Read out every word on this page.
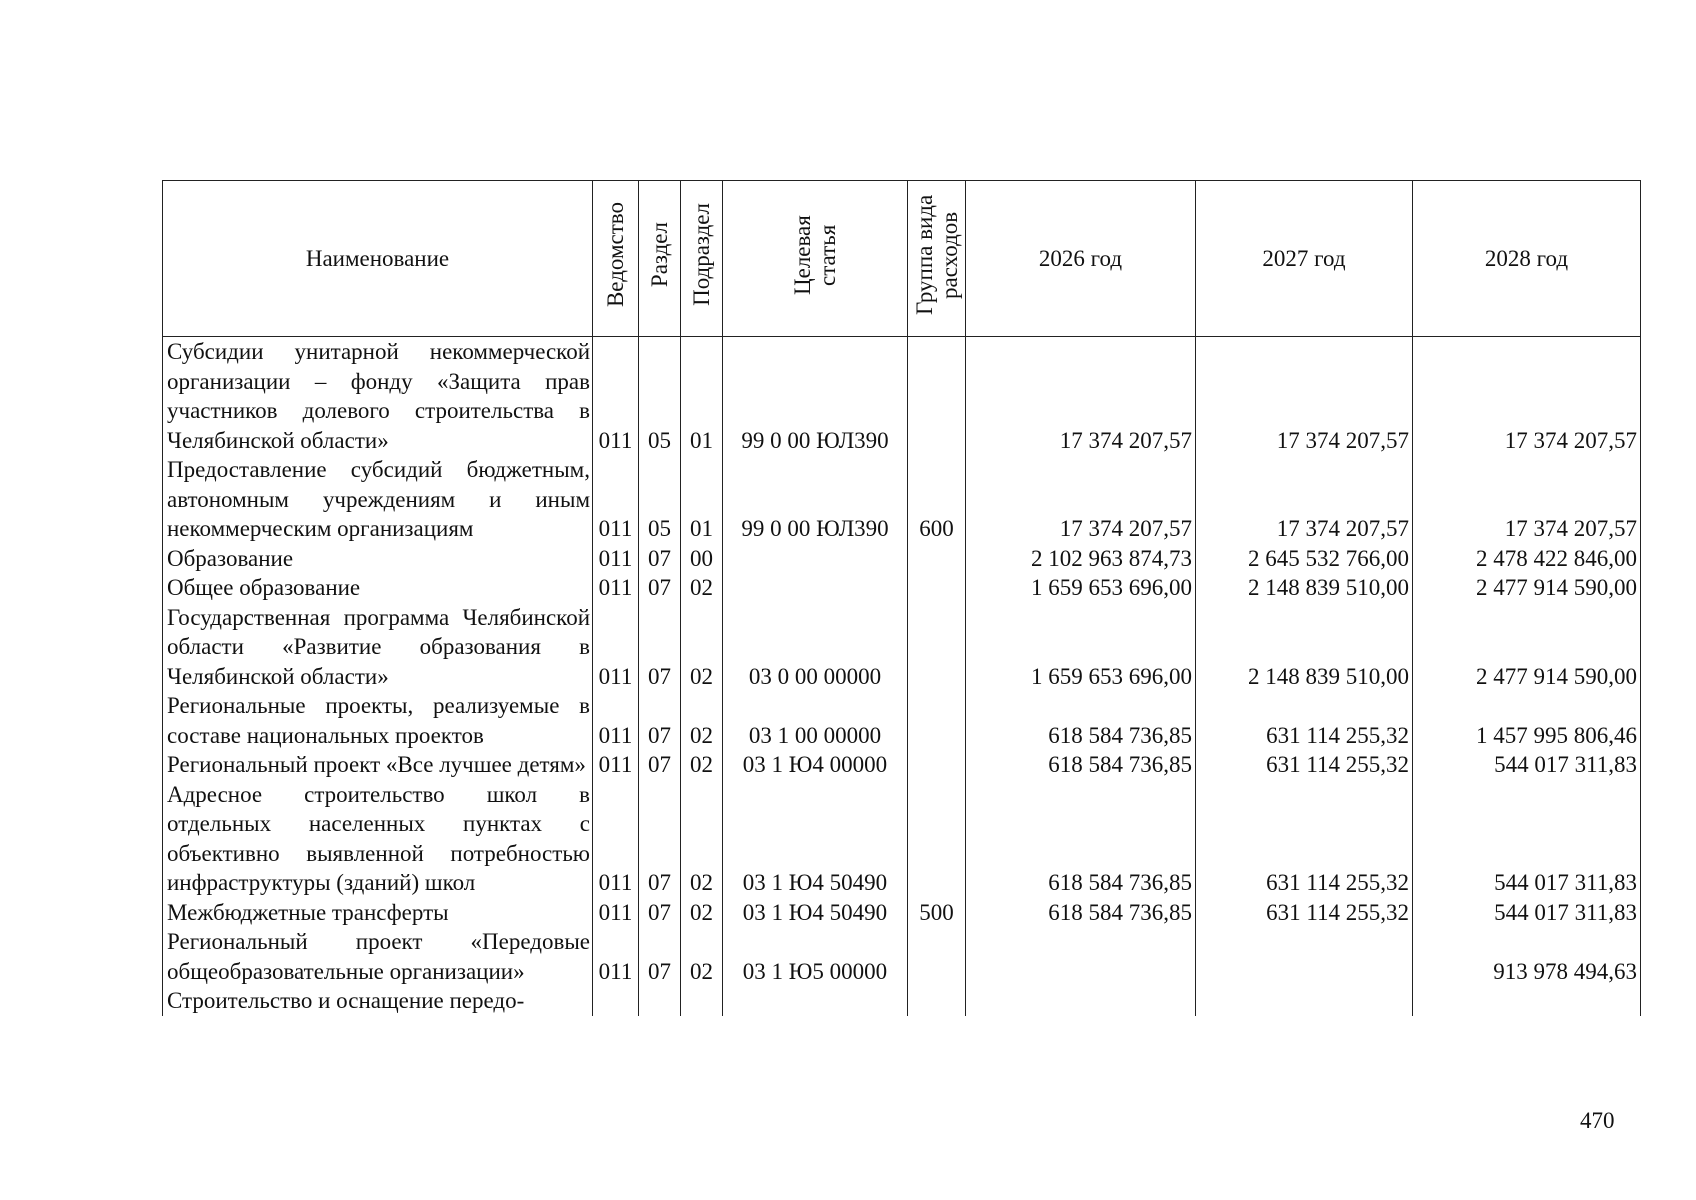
Наименование	Ведомство	Раздел	Подраздел	Целевая статья	Группа вида расходов	2026 год	2027 год	2028 год
Субсидии унитарной некоммерческой организации – фонду «Защита прав участников долевого строительства в Челябинской области»	011	05	01	99 0 00 ЮЛ390		17 374 207,57	17 374 207,57	17 374 207,57
Предоставление субсидий бюджетным, автономным учреждениям и иным некоммерческим организациям	011	05	01	99 0 00 ЮЛ390	600	17 374 207,57	17 374 207,57	17 374 207,57
Образование	011	07	00			2 102 963 874,73	2 645 532 766,00	2 478 422 846,00
Общее образование	011	07	02			1 659 653 696,00	2 148 839 510,00	2 477 914 590,00
Государственная программа Челябинской области «Развитие образования в Челябинской области»	011	07	02	03 0 00 00000		1 659 653 696,00	2 148 839 510,00	2 477 914 590,00
Региональные проекты, реализуемые в составе национальных проектов	011	07	02	03 1 00 00000		618 584 736,85	631 114 255,32	1 457 995 806,46
Региональный проект «Все лучшее детям»	011	07	02	03 1 Ю4 00000		618 584 736,85	631 114 255,32	544 017 311,83
Адресное строительство школ в отдельных населенных пунктах с объективно выявленной потребностью инфраструктуры (зданий) школ	011	07	02	03 1 Ю4 50490		618 584 736,85	631 114 255,32	544 017 311,83
Межбюджетные трансферты	011	07	02	03 1 Ю4 50490	500	618 584 736,85	631 114 255,32	544 017 311,83
Региональный проект «Передовые общеобразовательные организации»	011	07	02	03 1 Ю5 00000				913 978 494,63
Строительство и оснащение передо-								
470
